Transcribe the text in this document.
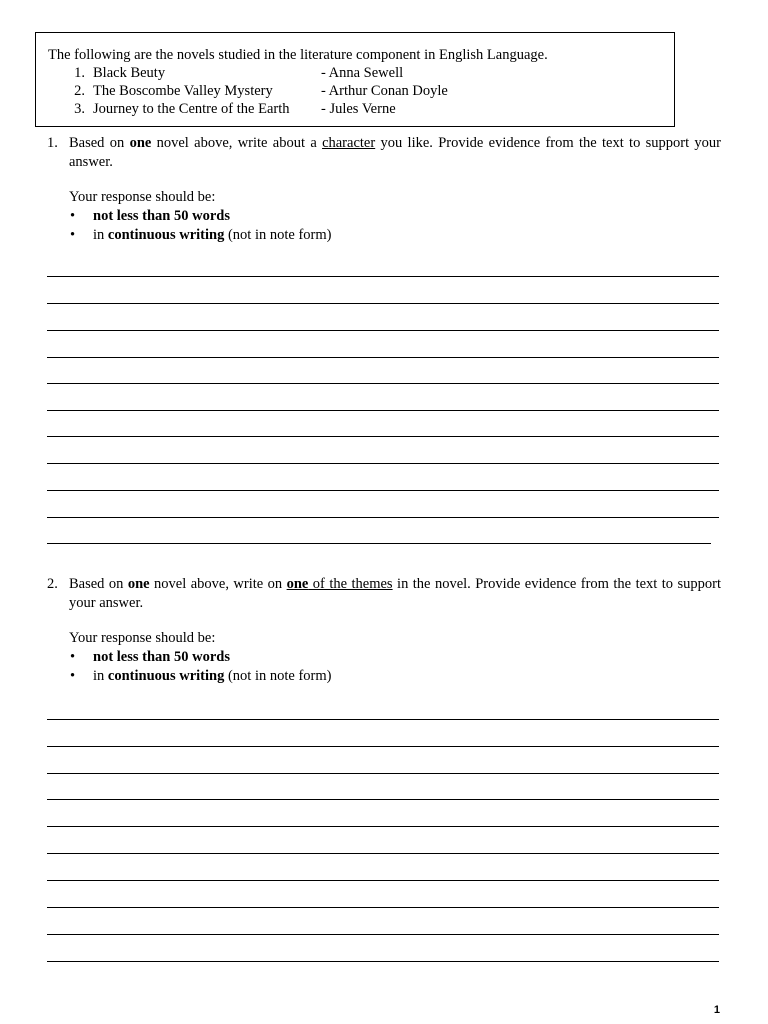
The following are the novels studied in the literature component in English Language.
1. Black Beuty	- Anna Sewell
2. The Boscombe Valley Mystery	- Arthur Conan Doyle
3. Journey to the Centre of the Earth	- Jules Verne
1. Based on one novel above, write about a character you like. Provide evidence from the text to support your answer.
Your response should be:
•	not less than 50 words
•	in continuous writing (not in note form)
2. Based on one novel above, write on one of the themes in the novel. Provide evidence from the text to support your answer.
Your response should be:
•	not less than 50 words
•	in continuous writing (not in note form)
1
